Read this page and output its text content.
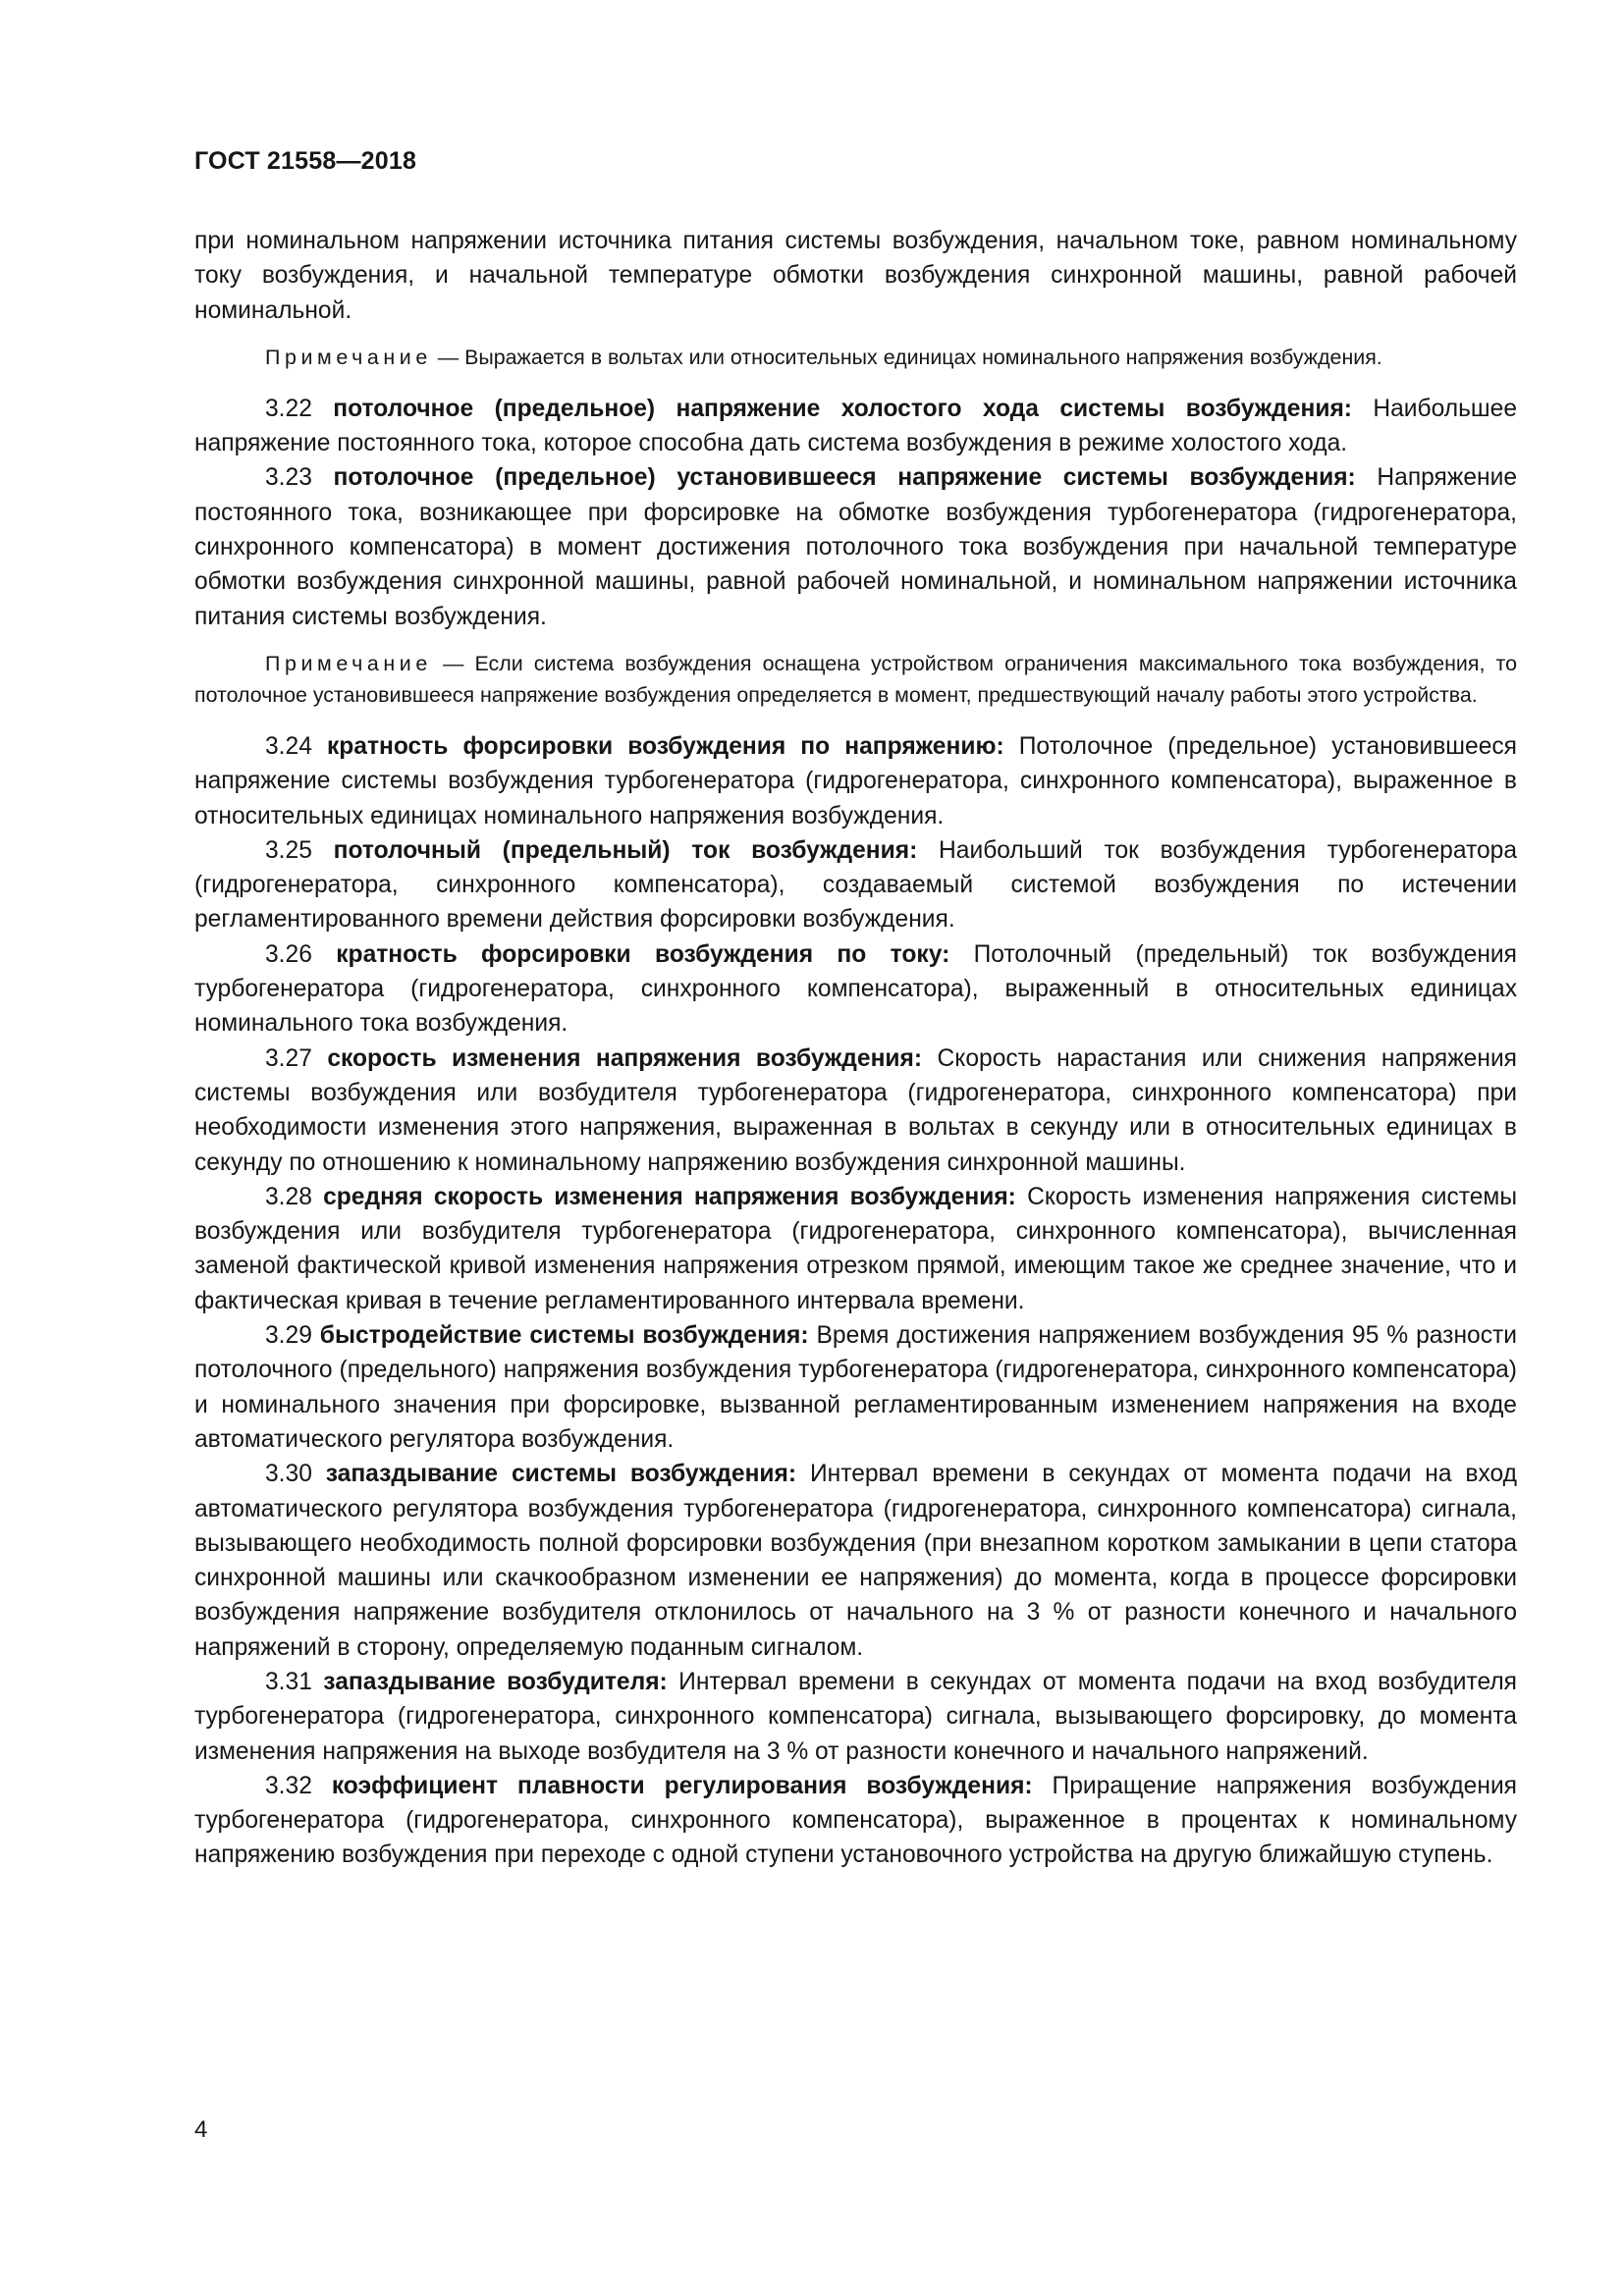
ГОСТ 21558—2018

при номинальном напряжении источника питания системы возбуждения, начальном токе, равном номинальному току возбуждения, и начальной температуре обмотки возбуждения синхронной машины, равной рабочей номинальной.

Примечание — Выражается в вольтах или относительных единицах номинального напряжения возбуждения.

3.22 потолочное (предельное) напряжение холостого хода системы возбуждения: Наибольшее напряжение постоянного тока, которое способна дать система возбуждения в режиме холостого хода.

3.23 потолочное (предельное) установившееся напряжение системы возбуждения: Напряжение постоянного тока, возникающее при форсировке на обмотке возбуждения турбогенератора (гидрогенератора, синхронного компенсатора) в момент достижения потолочного тока возбуждения при начальной температуре обмотки возбуждения синхронной машины, равной рабочей номинальной, и номинальном напряжении источника питания системы возбуждения.

Примечание — Если система возбуждения оснащена устройством ограничения максимального тока возбуждения, то потолочное установившееся напряжение возбуждения определяется в момент, предшествующий началу работы этого устройства.

3.24 кратность форсировки возбуждения по напряжению: Потолочное (предельное) установившееся напряжение системы возбуждения турбогенератора (гидрогенератора, синхронного компенсатора), выраженное в относительных единицах номинального напряжения возбуждения.

3.25 потолочный (предельный) ток возбуждения: Наибольший ток возбуждения турбогенератора (гидрогенератора, синхронного компенсатора), создаваемый системой возбуждения по истечении регламентированного времени действия форсировки возбуждения.

3.26 кратность форсировки возбуждения по току: Потолочный (предельный) ток возбуждения турбогенератора (гидрогенератора, синхронного компенсатора), выраженный в относительных единицах номинального тока возбуждения.

3.27 скорость изменения напряжения возбуждения: Скорость нарастания или снижения напряжения системы возбуждения или возбудителя турбогенератора (гидрогенератора, синхронного компенсатора) при необходимости изменения этого напряжения, выраженная в вольтах в секунду или в относительных единицах в секунду по отношению к номинальному напряжению возбуждения синхронной машины.

3.28 средняя скорость изменения напряжения возбуждения: Скорость изменения напряжения системы возбуждения или возбудителя турбогенератора (гидрогенератора, синхронного компенсатора), вычисленная заменой фактической кривой изменения напряжения отрезком прямой, имеющим такое же среднее значение, что и фактическая кривая в течение регламентированного интервала времени.

3.29 быстродействие системы возбуждения: Время достижения напряжением возбуждения 95 % разности потолочного (предельного) напряжения возбуждения турбогенератора (гидрогенератора, синхронного компенсатора) и номинального значения при форсировке, вызванной регламентированным изменением напряжения на входе автоматического регулятора возбуждения.

3.30 запаздывание системы возбуждения: Интервал времени в секундах от момента подачи на вход автоматического регулятора возбуждения турбогенератора (гидрогенератора, синхронного компенсатора) сигнала, вызывающего необходимость полной форсировки возбуждения (при внезапном коротком замыкании в цепи статора синхронной машины или скачкообразном изменении ее напряжения) до момента, когда в процессе форсировки возбуждения напряжение возбудителя отклонилось от начального на 3 % от разности конечного и начального напряжений в сторону, определяемую поданным сигналом.

3.31 запаздывание возбудителя: Интервал времени в секундах от момента подачи на вход возбудителя турбогенератора (гидрогенератора, синхронного компенсатора) сигнала, вызывающего форсировку, до момента изменения напряжения на выходе возбудителя на 3 % от разности конечного и начального напряжений.

3.32 коэффициент плавности регулирования возбуждения: Приращение напряжения возбуждения турбогенератора (гидрогенератора, синхронного компенсатора), выраженное в процентах к номинальному напряжению возбуждения при переходе с одной ступени установочного устройства на другую ближайшую ступень.

4
